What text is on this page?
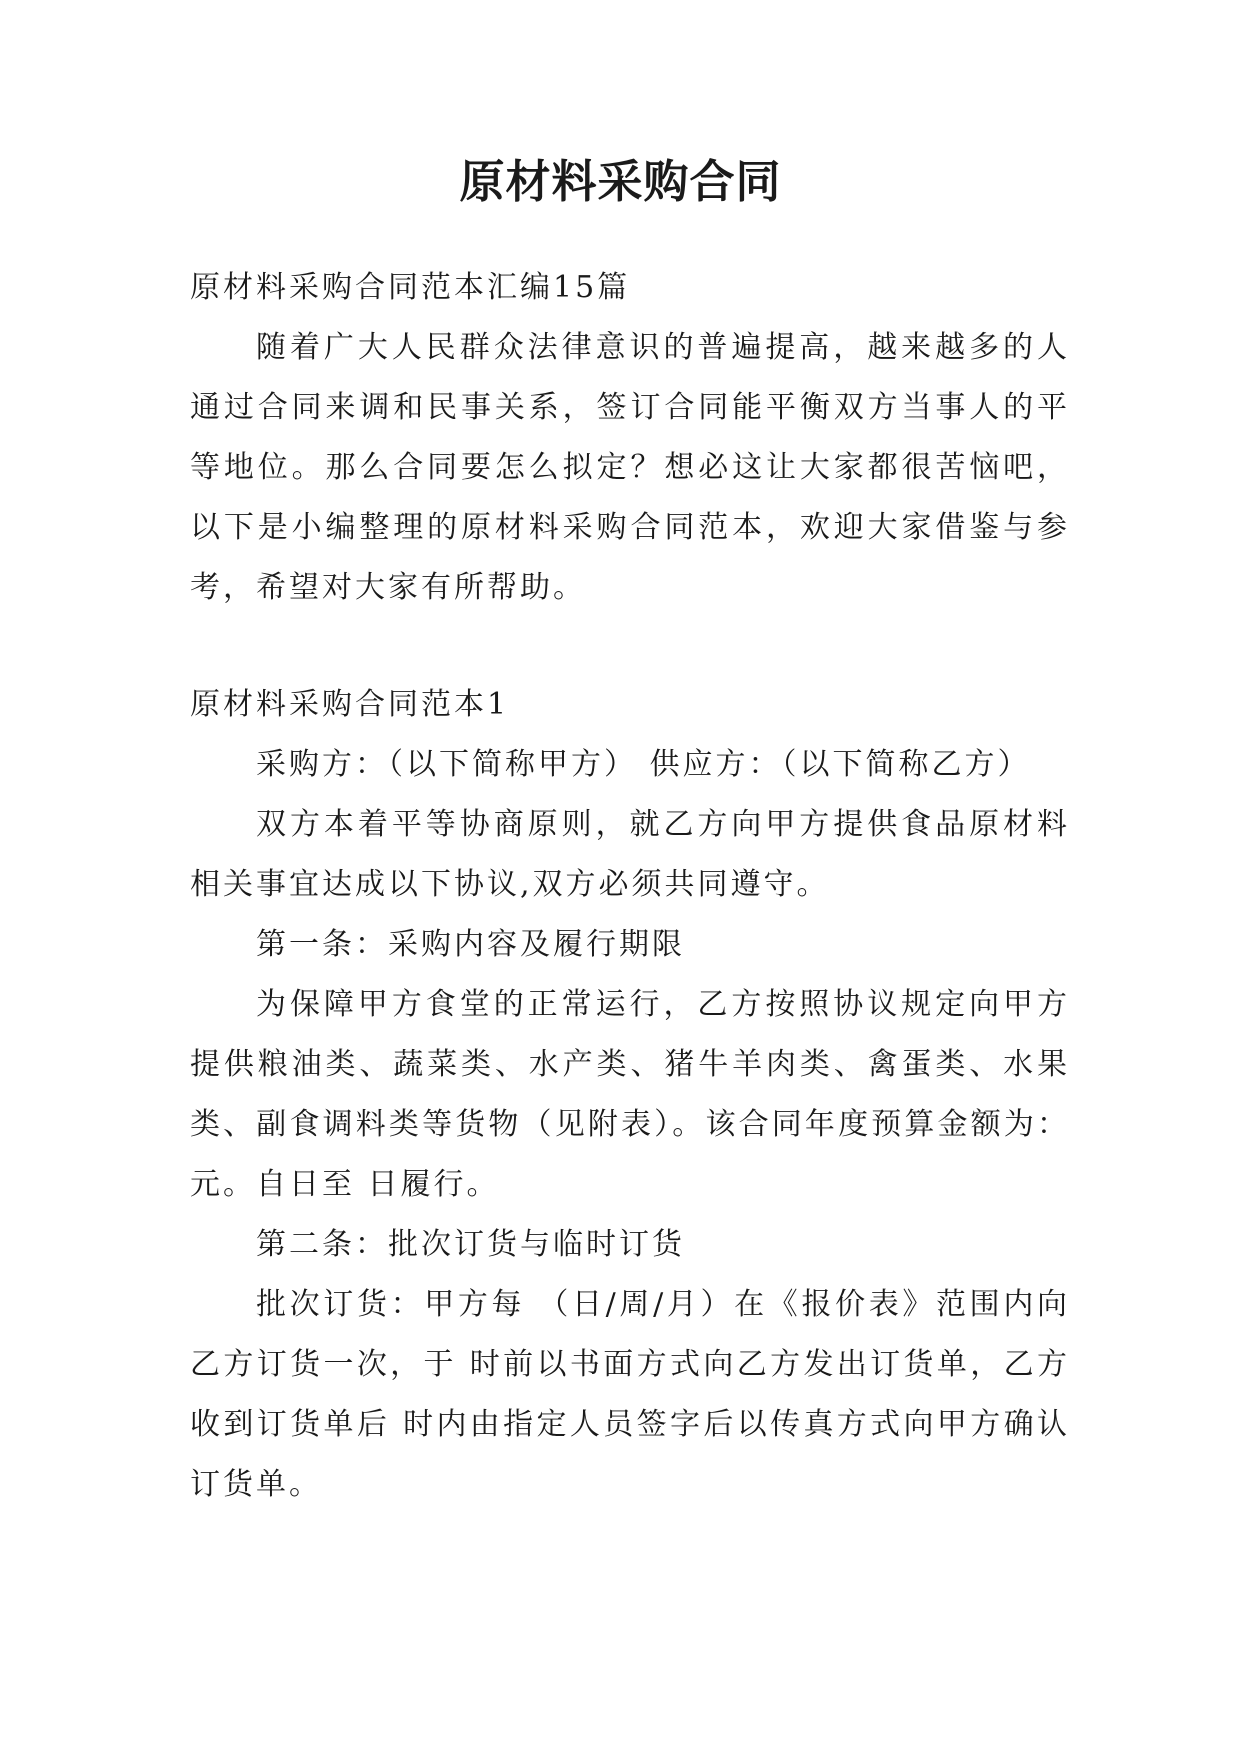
原材料采购合同

原材料采购合同范本汇编15篇

随着广大人民群众法律意识的普遍提高，越来越多的人通过合同来调和民事关系，签订合同能平衡双方当事人的平等地位。那么合同要怎么拟定？想必这让大家都很苦恼吧，以下是小编整理的原材料采购合同范本，欢迎大家借鉴与参考，希望对大家有所帮助。

原材料采购合同范本1

采购方：（以下简称甲方） 供应方：（以下简称乙方）

双方本着平等协商原则，就乙方向甲方提供食品原材料相关事宜达成以下协议,双方必须共同遵守。

第一条：采购内容及履行期限

为保障甲方食堂的正常运行，乙方按照协议规定向甲方提供粮油类、蔬菜类、水产类、猪牛羊肉类、禽蛋类、水果类、副食调料类等货物（见附表）。该合同年度预算金额为：元。自日至 日履行。

第二条：批次订货与临时订货

批次订货：甲方每 （日/周/月）在《报价表》范围内向乙方订货一次，于 时前以书面方式向乙方发出订货单，乙方收到订货单后 时内由指定人员签字后以传真方式向甲方确认订货单。
